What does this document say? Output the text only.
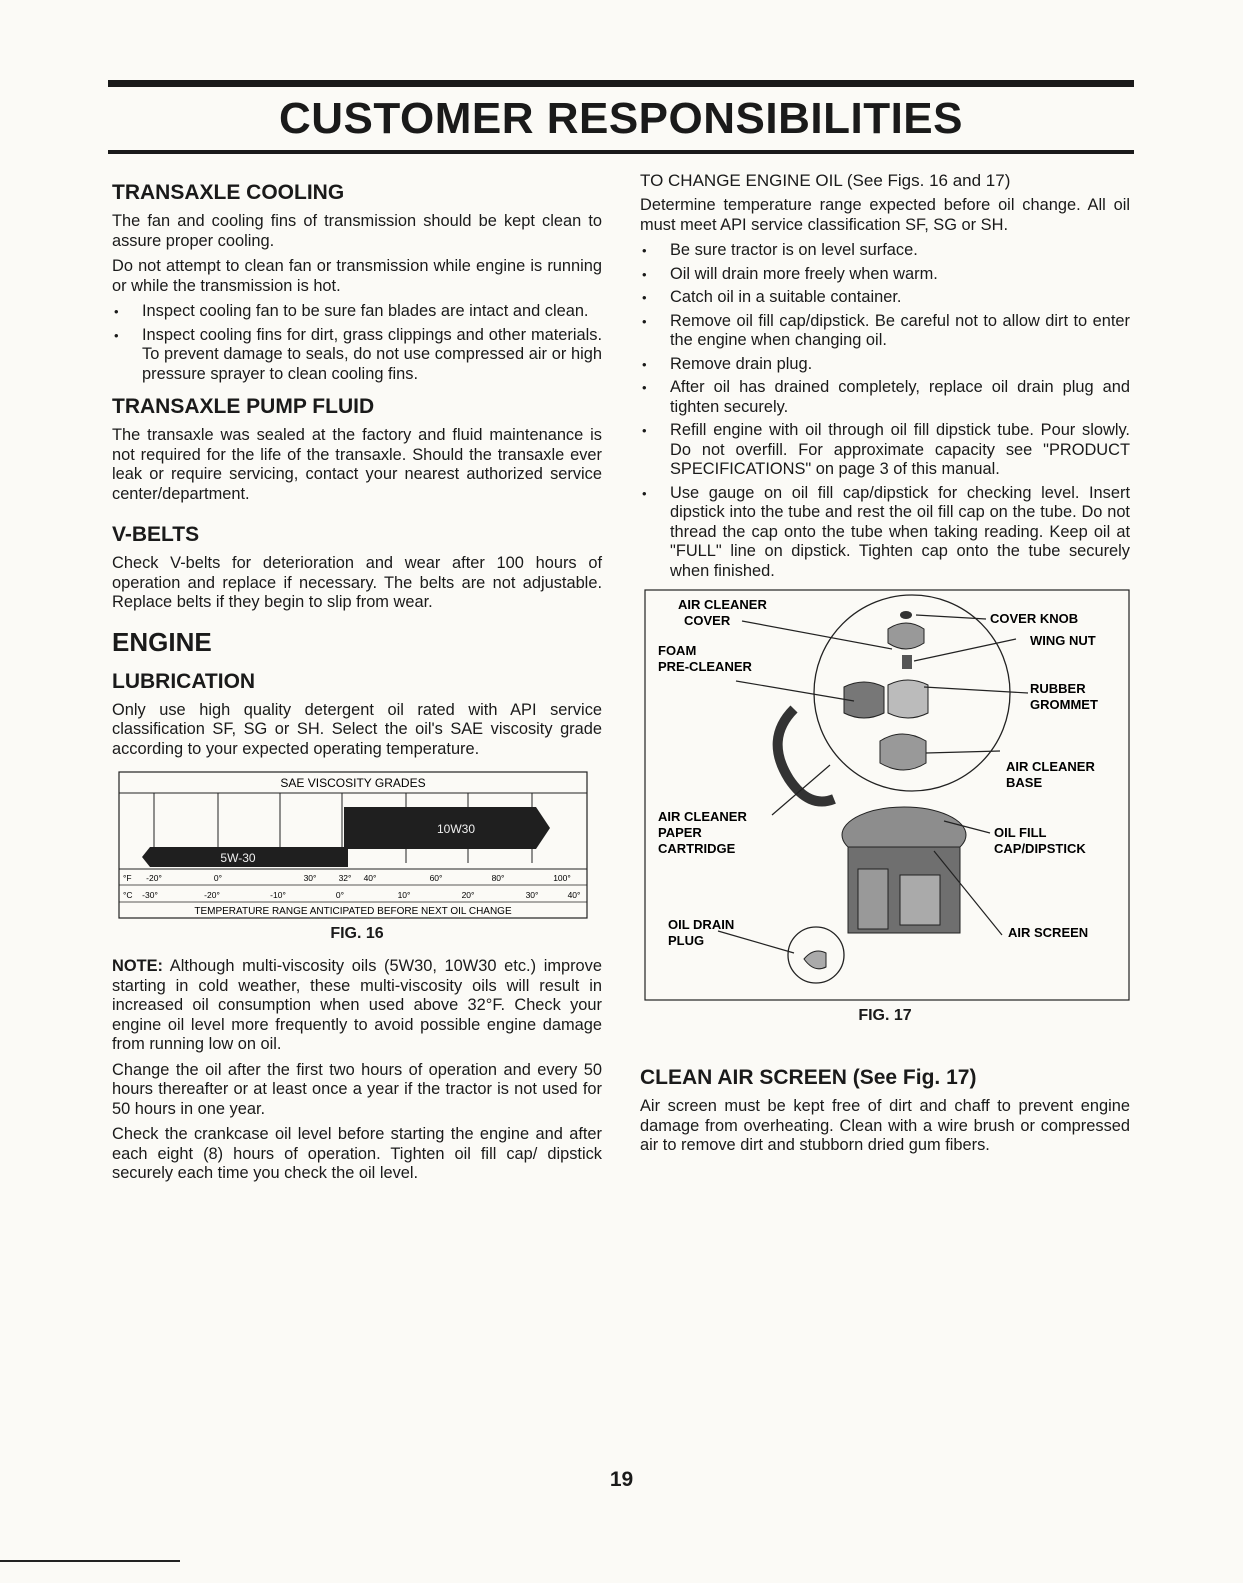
CUSTOMER RESPONSIBILITIES
TRANSAXLE COOLING

The fan and cooling fins of transmission should be kept clean to assure proper cooling.

Do not attempt to clean fan or transmission while engine is running or while the transmission is hot.

• Inspect cooling fan to be sure fan blades are intact and clean.
• Inspect cooling fins for dirt, grass clippings and other materials. To prevent damage to seals, do not use compressed air or high pressure sprayer to clean cooling fins.
TRANSAXLE PUMP FLUID

The transaxle was sealed at the factory and fluid maintenance is not required for the life of the transaxle. Should the transaxle ever leak or require servicing, contact your nearest authorized service center/department.

V-BELTS

Check V-belts for deterioration and wear after 100 hours of operation and replace if necessary. The belts are not adjustable. Replace belts if they begin to slip from wear.

ENGINE
LUBRICATION

Only use high quality detergent oil rated with API service classification SF, SG or SH. Select the oil's SAE viscosity grade according to your expected operating temperature.

SAE VISCOSITY GRADES
10W30
5W-30
°F -20°	0°	30°	32° 40°	60°	80°	100°
°C -30°	-20°	-10°	0°	10°	20°	30°	40°
TEMPERATURE RANGE ANTICIPATED BEFORE NEXT OIL CHANGE
FIG. 16

NOTE: Although multi-viscosity oils (5W30, 10W30 etc.) improve starting in cold weather, these multi-viscosity oils will result in increased oil consumption when used above 32°F. Check your engine oil level more frequently to avoid possible engine damage from running low on oil.

Change the oil after the first two hours of operation and every 50 hours thereafter or at least once a year if the tractor is not used for 50 hours in one year.

Check the crankcase oil level before starting the engine and after each eight (8) hours of operation. Tighten oil fill cap/ dipstick securely each time you check the oil level.

TO CHANGE ENGINE OIL (See Figs. 16 and 17)

Determine temperature range expected before oil change. All oil must meet API service classification SF, SG or SH.

• Be sure tractor is on level surface.
• Oil will drain more freely when warm.
• Catch oil in a suitable container.
• Remove oil fill cap/dipstick. Be careful not to allow dirt to enter the engine when changing oil.
• Remove drain plug.
• After oil has drained completely, replace oil drain plug and tighten securely.
• Refill engine with oil through oil fill dipstick tube. Pour slowly. Do not overfill. For approximate capacity see "PRODUCT SPECIFICATIONS" on page 3 of this manual.
• Use gauge on oil fill cap/dipstick for checking level. Insert dipstick into the tube and rest the oil fill cap on the tube. Do not thread the cap onto the tube when taking reading. Keep oil at "FULL" line on dipstick. Tighten cap onto the tube securely when finished.
AIR CLEANER
COVER	COVER KNOB
WING NUT
FOAM
PRE-CLEANER
RUBBER
GROMMET
AIR CLEANER
BASE
AIR CLEANER
PAPER
CARTRIDGE
OIL FILL
CAP/DIPSTICK
OIL DRAIN
PLUG
AIR SCREEN
FIG. 17
CLEAN AIR SCREEN (See Fig. 17)

Air screen must be kept free of dirt and chaff to prevent engine damage from overheating. Clean with a wire brush or compressed air to remove dirt and stubborn dried gum fibers.

19
